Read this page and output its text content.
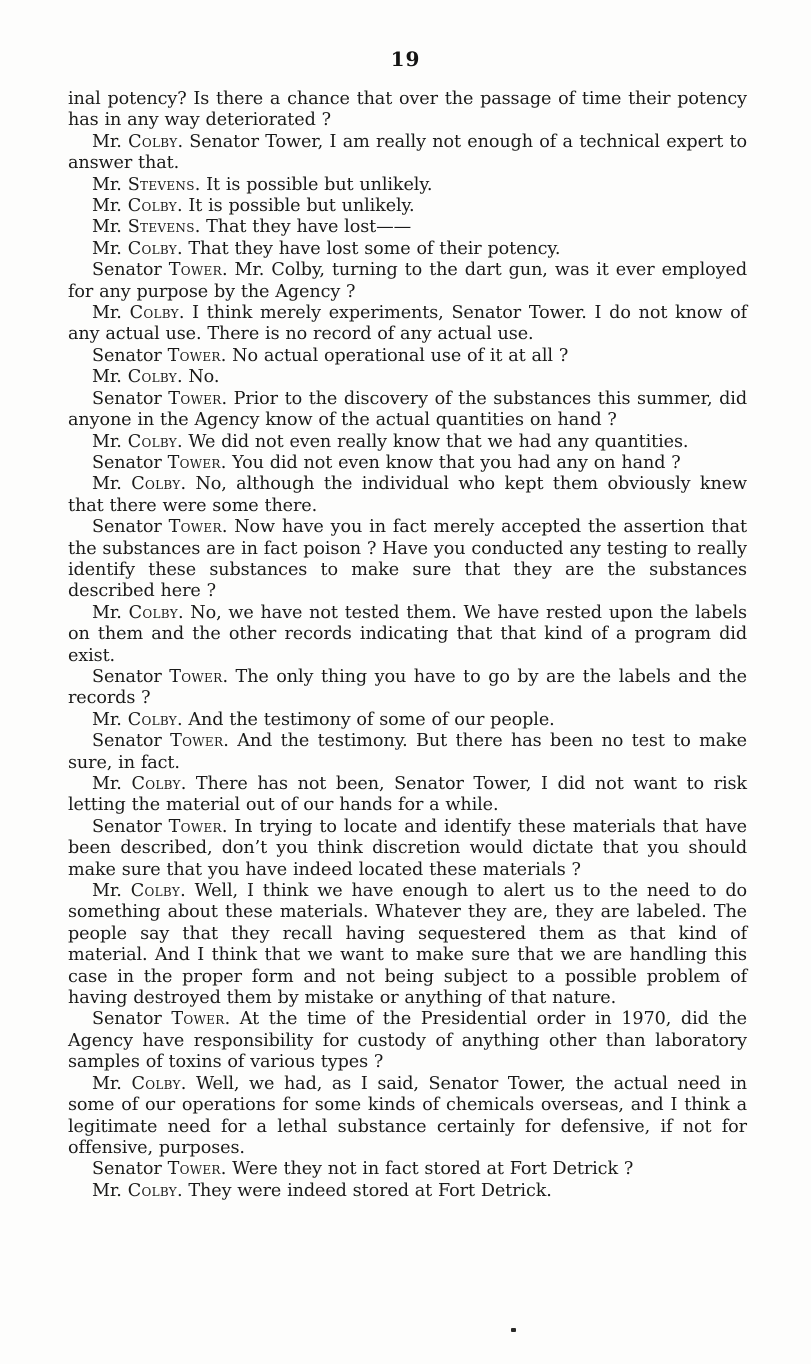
19

inal potency? Is there a chance that over the passage of time their potency has in any way deteriorated ?

Mr. Colby. Senator Tower, I am really not enough of a technical expert to answer that.

Mr. Stevens. It is possible but unlikely.

Mr. Colby. It is possible but unlikely.

Mr. Stevens. That they have lost——

Mr. Colby. That they have lost some of their potency.

Senator Tower. Mr. Colby, turning to the dart gun, was it ever employed for any purpose by the Agency ?

Mr. Colby. I think merely experiments, Senator Tower. I do not know of any actual use. There is no record of any actual use.

Senator Tower. No actual operational use of it at all ?

Mr. Colby. No.

Senator Tower. Prior to the discovery of the substances this summer, did anyone in the Agency know of the actual quantities on hand ?

Mr. Colby. We did not even really know that we had any quantities.

Senator Tower. You did not even know that you had any on hand ?

Mr. Colby. No, although the individual who kept them obviously knew that there were some there.

Senator Tower. Now have you in fact merely accepted the assertion that the substances are in fact poison ? Have you conducted any testing to really identify these substances to make sure that they are the substances described here ?

Mr. Colby. No, we have not tested them. We have rested upon the labels on them and the other records indicating that that kind of a program did exist.

Senator Tower. The only thing you have to go by are the labels and the records ?

Mr. Colby. And the testimony of some of our people.

Senator Tower. And the testimony. But there has been no test to make sure, in fact.

Mr. Colby. There has not been, Senator Tower, I did not want to risk letting the material out of our hands for a while.

Senator Tower. In trying to locate and identify these materials that have been described, don’t you think discretion would dictate that you should make sure that you have indeed located these materials ?

Mr. Colby. Well, I think we have enough to alert us to the need to do something about these materials. Whatever they are, they are labeled. The people say that they recall having sequestered them as that kind of material. And I think that we want to make sure that we are handling this case in the proper form and not being subject to a possible problem of having destroyed them by mistake or anything of that nature.

Senator Tower. At the time of the Presidential order in 1970, did the Agency have responsibility for custody of anything other than laboratory samples of toxins of various types ?

Mr. Colby. Well, we had, as I said, Senator Tower, the actual need in some of our operations for some kinds of chemicals overseas, and I think a legitimate need for a lethal substance certainly for defensive, if not for offensive, purposes.

Senator Tower. Were they not in fact stored at Fort Detrick ?

Mr. Colby. They were indeed stored at Fort Detrick.
